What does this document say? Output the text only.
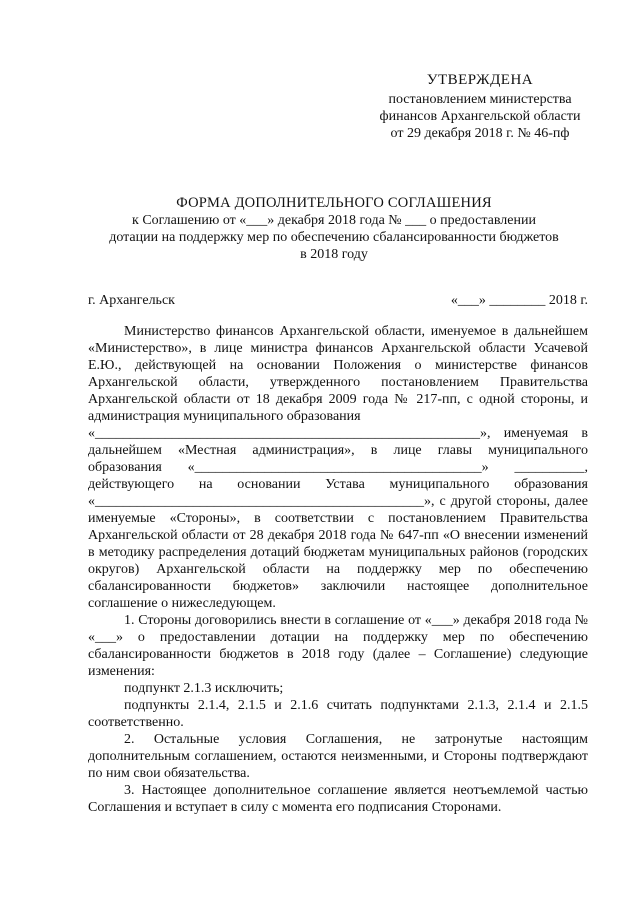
УТВЕРЖДЕНА
постановлением министерства
финансов Архангельской области
от 29 декабря 2018 г. № 46-пф
ФОРМА ДОПОЛНИТЕЛЬНОГО СОГЛАШЕНИЯ
к Соглашению от «___» декабря 2018 года № ___ о предоставлении
дотации на поддержку мер по обеспечению сбалансированности бюджетов
в 2018 году
г. Архангельск	«___» ________ 2018 г.

Министерство финансов Архангельской области, именуемое в дальнейшем «Министерство», в лице министра финансов Архангельской области Усачевой Е.Ю., действующей на основании Положения о министерстве финансов Архангельской области, утвержденного постановлением Правительства Архангельской области от 18 декабря 2009 года № 217-пп, с одной стороны, и администрация муниципального образования

«_______________________________________________________», именуемая в дальнейшем «Местная администрация», в лице главы муниципального образования «_________________________________________» __________, действующего на основании Устава муниципального образования «_______________________________________________», с другой стороны, далее именуемые «Стороны», в соответствии с постановлением Правительства Архангельской области от 28 декабря 2018 года № 647-пп «О внесении изменений в методику распределения дотаций бюджетам муниципальных районов (городских округов) Архангельской области на поддержку мер по обеспечению сбалансированности бюджетов» заключили настоящее дополнительное соглашение о нижеследующем.

1. Стороны договорились внести в соглашение от «___» декабря 2018 года № «___» о предоставлении дотации на поддержку мер по обеспечению сбалансированности бюджетов в 2018 году (далее – Соглашение) следующие изменения:

подпункт 2.1.3 исключить;

подпункты 2.1.4, 2.1.5 и 2.1.6 считать подпунктами 2.1.3, 2.1.4 и 2.1.5 соответственно.

2. Остальные условия Соглашения, не затронутые настоящим дополнительным соглашением, остаются неизменными, и Стороны подтверждают по ним свои обязательства.

3. Настоящее дополнительное соглашение является неотъемлемой частью Соглашения и вступает в силу с момента его подписания Сторонами.
